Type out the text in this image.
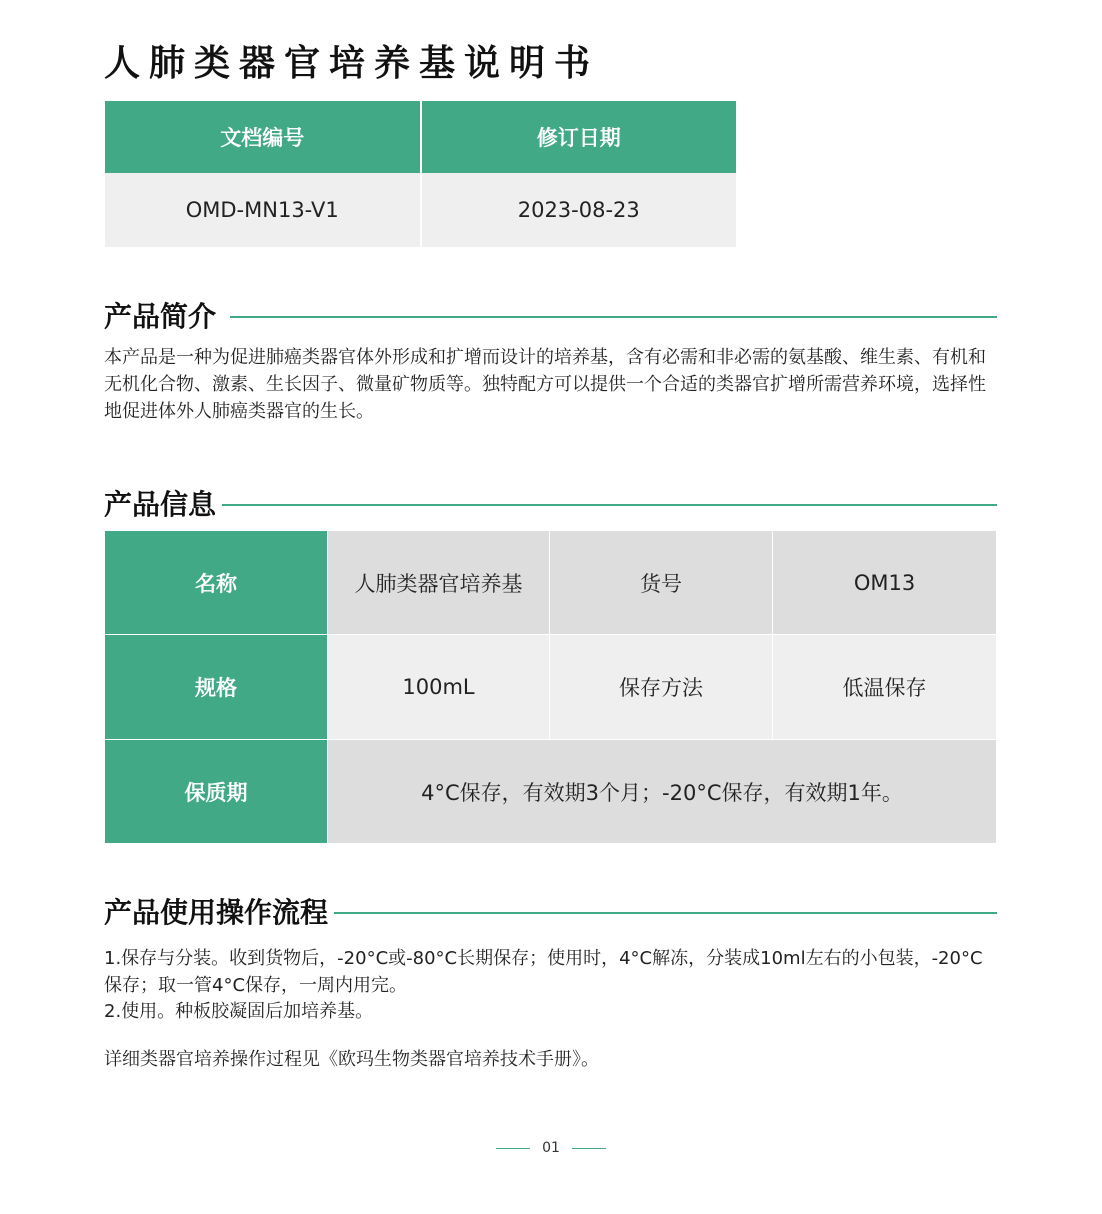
人肺类器官培养基说明书
文档编号	修订日期
OMD-MN13-V1	2023-08-23
产品简介
本产品是一种为促进肺癌类器官体外形成和扩增而设计的培养基，含有必需和非必需的氨基酸、维生素、有机和无机化合物、激素、生长因子、微量矿物质等。独特配方可以提供一个合适的类器官扩增所需营养环境，选择性地促进体外人肺癌类器官的生长。
产品信息
名称	人肺类器官培养基	货号	OM13
规格	100mL	保存方法	低温保存
保质期	4°C保存，有效期3个月；-20°C保存，有效期1年。
产品使用操作流程
1.保存与分装。收到货物后，-20°C或-80°C长期保存；使用时，4°C解冻，分装成10ml左右的小包装，-20°C保存；取一管4°C保存，一周内用完。
2.使用。种板胶凝固后加培养基。
详细类器官培养操作过程见《欧玛生物类器官培养技术手册》。
01
